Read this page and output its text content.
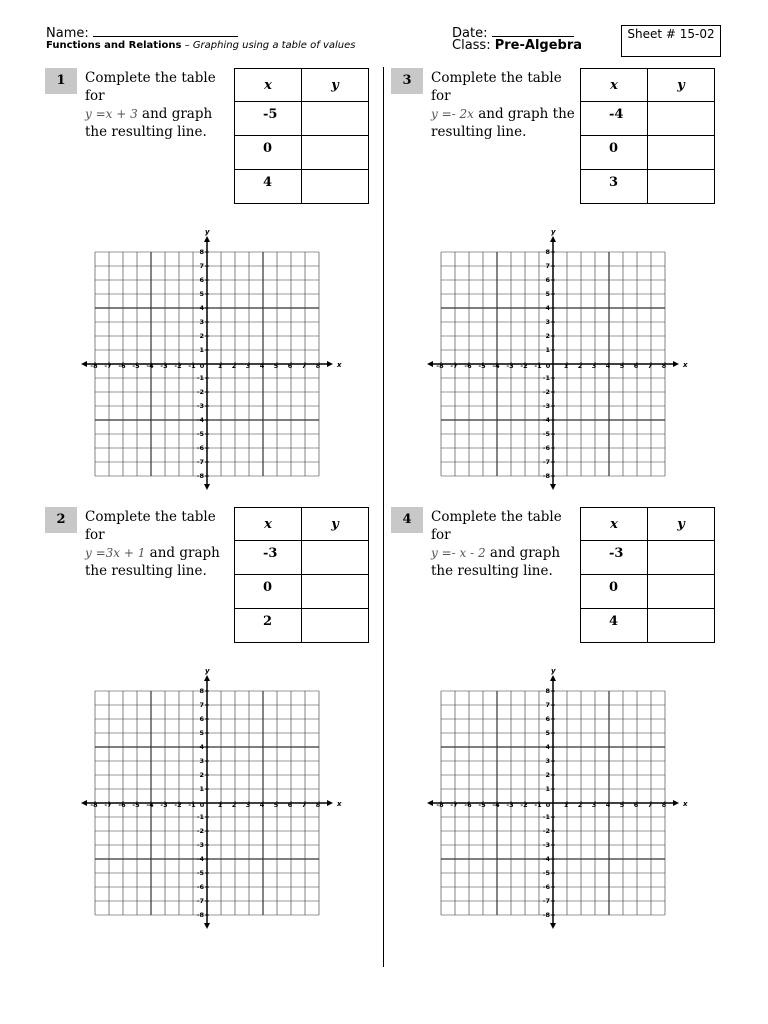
Name:
Functions and Relations – Graphing using a table of values
Date:
Class: Pre-Algebra
Sheet # 15-02
1	Complete the table for
y =x + 3 and graph the resulting line.
x	y
-5	
0	
4	
x
y
-8 -7 -6 -5 -4 -3 -2 -1 0 1 2 3 4 5 6 7 8
8
7
6
5
4
3
2
1
-1
-2
-3
-4
-5
-6
-7
-8
2	Complete the table for
y =3x + 1 and graph the resulting line.
x	y
-3	
0	
2	
x
y
-8 -7 -6 -5 -4 -3 -2 -1 0 1 2 3 4 5 6 7 8
8
7
6
5
4
3
2
1
-1
-2
-3
-4
-5
-6
-7
-8
3	Complete the table for
y =- 2x and graph the resulting line.
x	y
-4	
0	
3	
x
y
-8 -7 -6 -5 -4 -3 -2 -1 0 1 2 3 4 5 6 7 8
8
7
6
5
4
3
2
1
-1
-2
-3
-4
-5
-6
-7
-8
4	Complete the table for
y =- x - 2 and graph the resulting line.
x	y
-3	
0	
4	
x
y
-8 -7 -6 -5 -4 -3 -2 -1 0 1 2 3 4 5 6 7 8
8
7
6
5
4
3
2
1
-1
-2
-3
-4
-5
-6
-7
-8
